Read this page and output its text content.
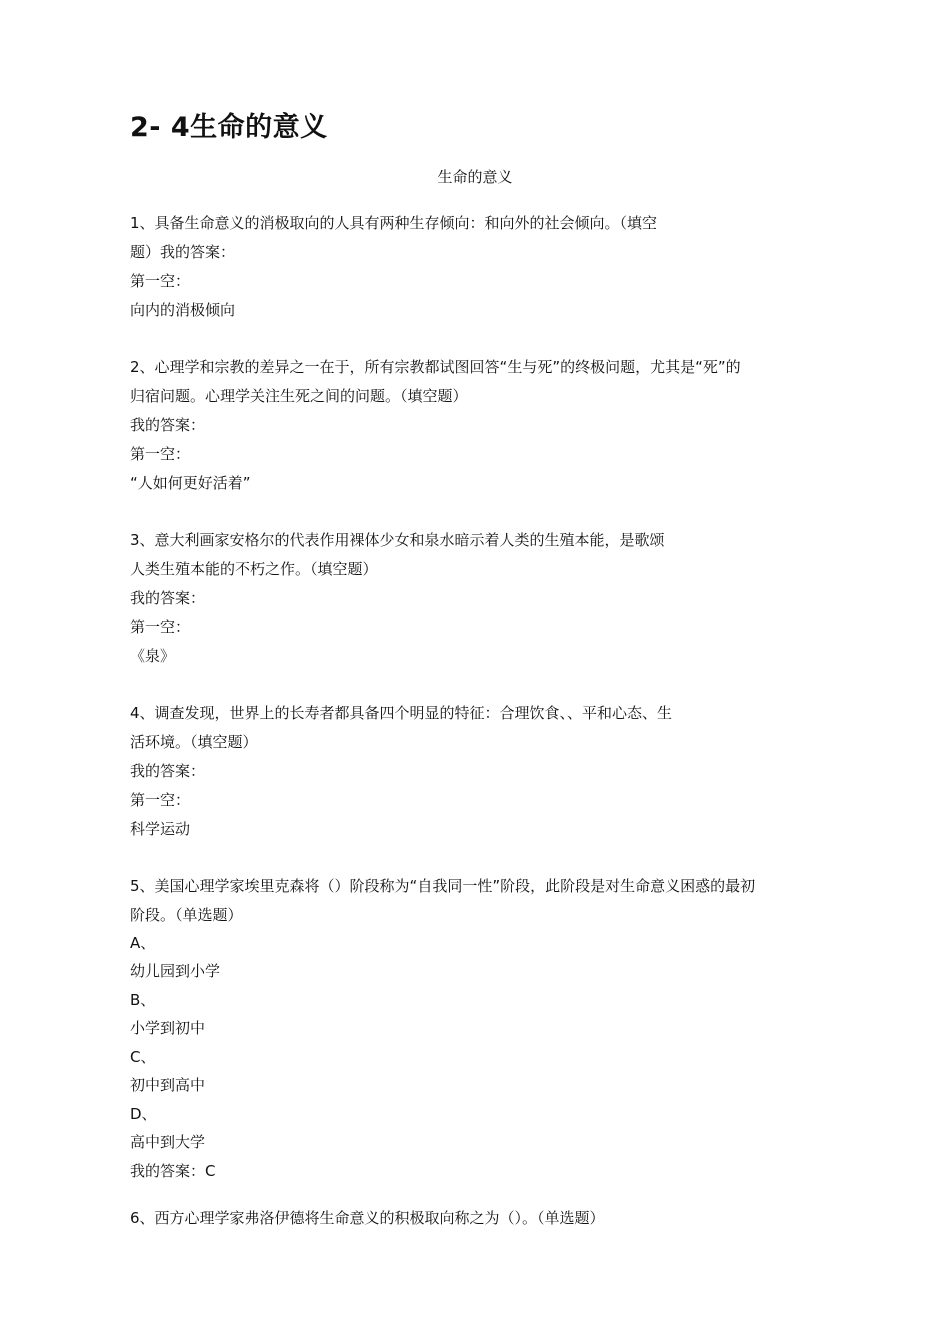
2- 4生命的意义
生命的意义
1、具备生命意义的消极取向的人具有两种生存倾向：和向外的社会倾向。（填空
题）我的答案：
第一空：
向内的消极倾向
2、心理学和宗教的差异之一在于，所有宗教都试图回答“生与死”的终极问题，尤其是“死”的
归宿问题。心理学关注生死之间的问题。（填空题）
我的答案：
第一空：
“人如何更好活着”
3、意大利画家安格尔的代表作用裸体少女和泉水暗示着人类的生殖本能，是歌颂
人类生殖本能的不朽之作。（填空题）
我的答案：
第一空：
《泉》
4、调查发现，世界上的长寿者都具备四个明显的特征：合理饮食、、平和心态、生
活环境。（填空题）
我的答案：
第一空：
科学运动
5、美国心理学家埃里克森将（）阶段称为“自我同一性”阶段，此阶段是对生命意义困惑的最初
阶段。（单选题）
A、
幼儿园到小学
B、
小学到初中
C、
初中到高中
D、
高中到大学
我的答案：C
6、西方心理学家弗洛伊德将生命意义的积极取向称之为（）。（单选题）
